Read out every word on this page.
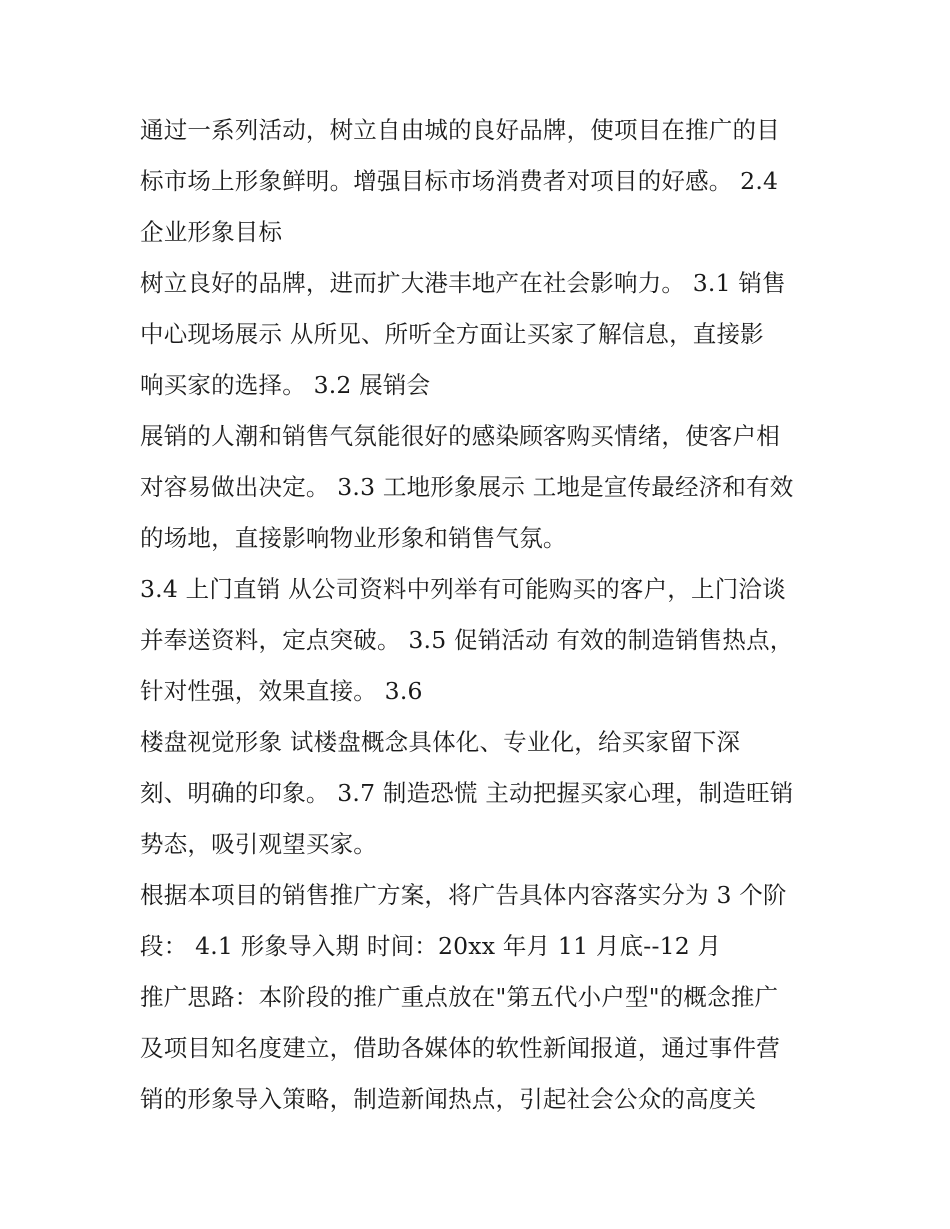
通过一系列活动，树立自由城的良好品牌，使项目在推广的目
标市场上形象鲜明。增强目标市场消费者对项目的好感。 2.4
企业形象目标
树立良好的品牌，进而扩大港丰地产在社会影响力。 3.1 销售
中心现场展示 从所见、所听全方面让买家了解信息，直接影
响买家的选择。 3.2 展销会
展销的人潮和销售气氛能很好的感染顾客购买情绪，使客户相
对容易做出决定。 3.3 工地形象展示 工地是宣传最经济和有效
的场地，直接影响物业形象和销售气氛。
3.4 上门直销 从公司资料中列举有可能购买的客户，上门洽谈
并奉送资料，定点突破。 3.5 促销活动 有效的制造销售热点，
针对性强，效果直接。 3.6
楼盘视觉形象 试楼盘概念具体化、专业化，给买家留下深
刻、明确的印象。 3.7 制造恐慌 主动把握买家心理，制造旺销
势态，吸引观望买家。
根据本项目的销售推广方案，将广告具体内容落实分为 3 个阶
段： 4.1 形象导入期 时间：20xx 年月 11 月底--12 月
推广思路：本阶段的推广重点放在"第五代小户型"的概念推广
及项目知名度建立，借助各媒体的软性新闻报道，通过事件营
销的形象导入策略，制造新闻热点，引起社会公众的高度关
